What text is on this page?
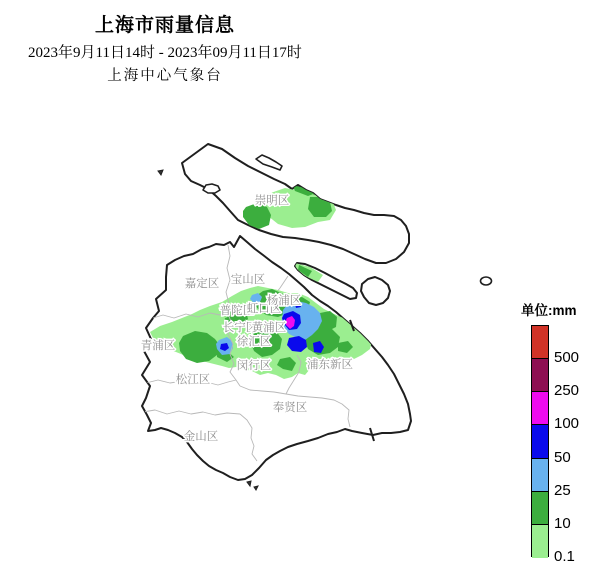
上海市雨量信息
2023年9月11日14时 - 2023年09月11日17时
上海中心气象台
崇明区
嘉定区 宝山区
普陀区
虹口区
杨浦区
长宁区
黄浦区
徐汇区
青浦区
闵行区	浦东新区
松江区
奉贤区
金山区
单位:mm
500
250
100
50
25
10
0.1
